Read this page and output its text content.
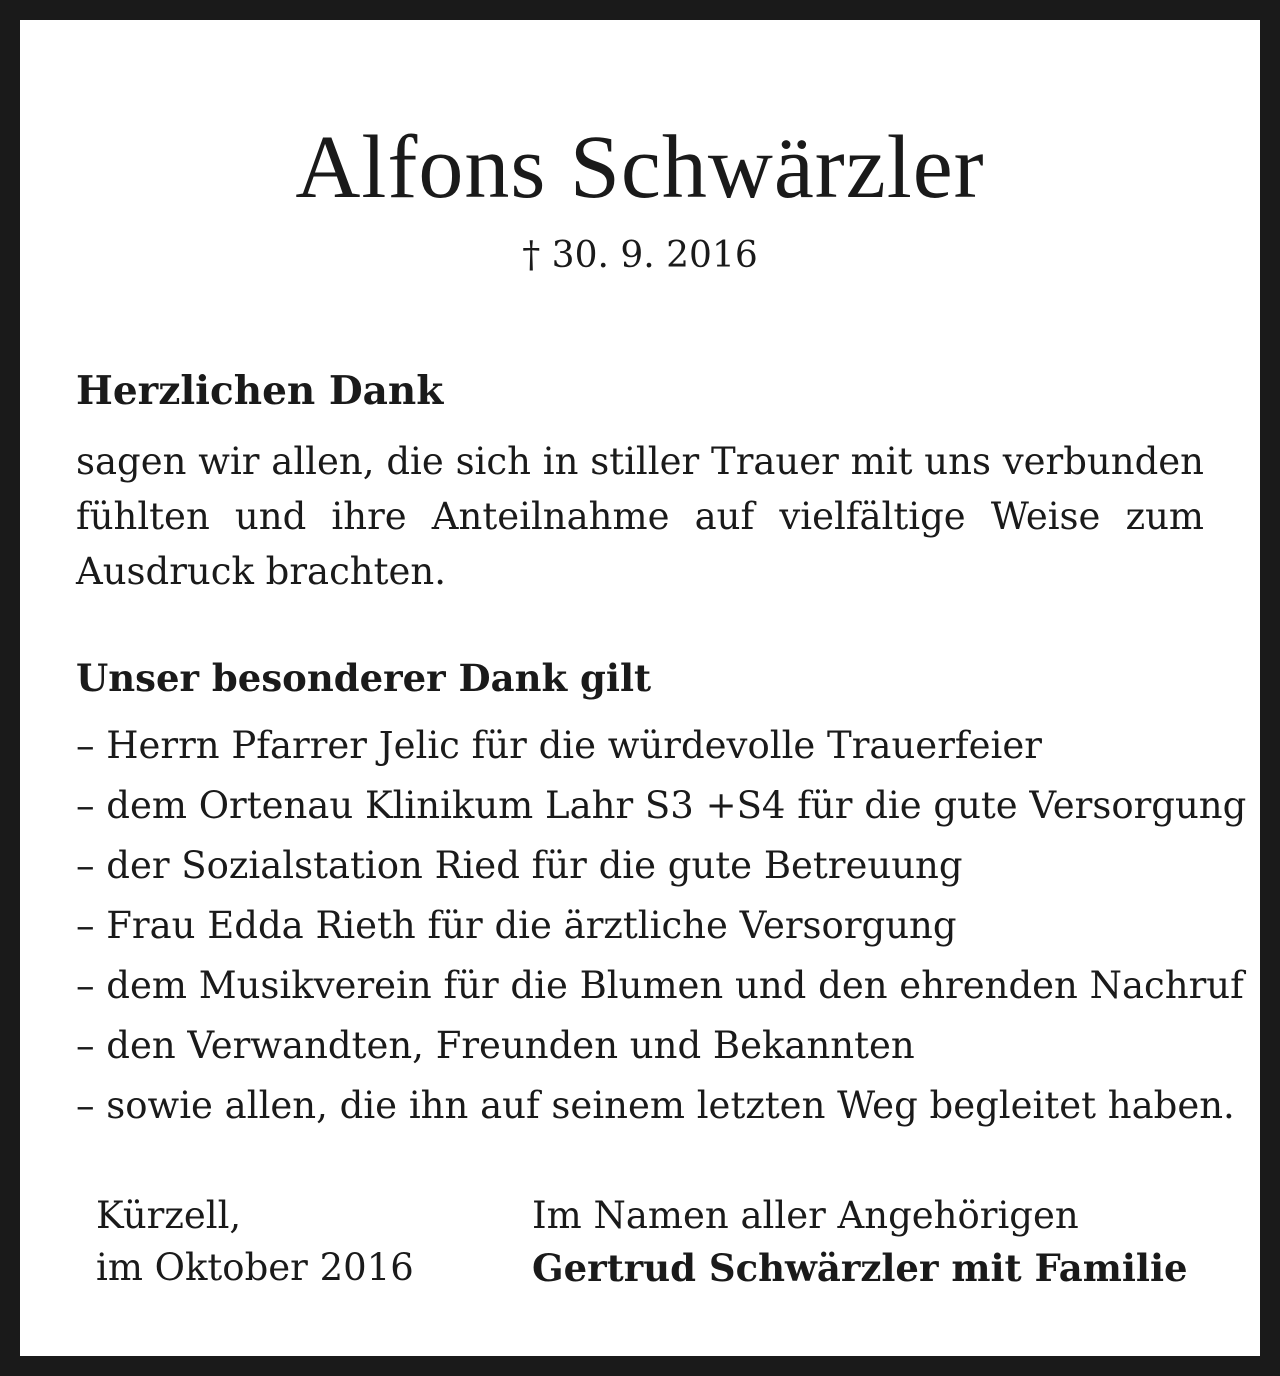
Alfons Schwärzler
† 30. 9. 2016
Herzlichen Dank
sagen wir allen, die sich in stiller Trauer mit uns verbunden fühlten und ihre Anteilnahme auf vielfältige Weise zum Ausdruck brachten.
Unser besonderer Dank gilt
– Herrn Pfarrer Jelic für die würdevolle Trauerfeier
– dem Ortenau Klinikum Lahr S3 +S4 für die gute Versorgung
– der Sozialstation Ried für die gute Betreuung
– Frau Edda Rieth für die ärztliche Versorgung
– dem Musikverein für die Blumen und den ehrenden Nachruf
– den Verwandten, Freunden und Bekannten
– sowie allen, die ihn auf seinem letzten Weg begleitet haben.
Kürzell,
im Oktober 2016
Im Namen aller Angehörigen
Gertrud Schwärzler mit Familie
